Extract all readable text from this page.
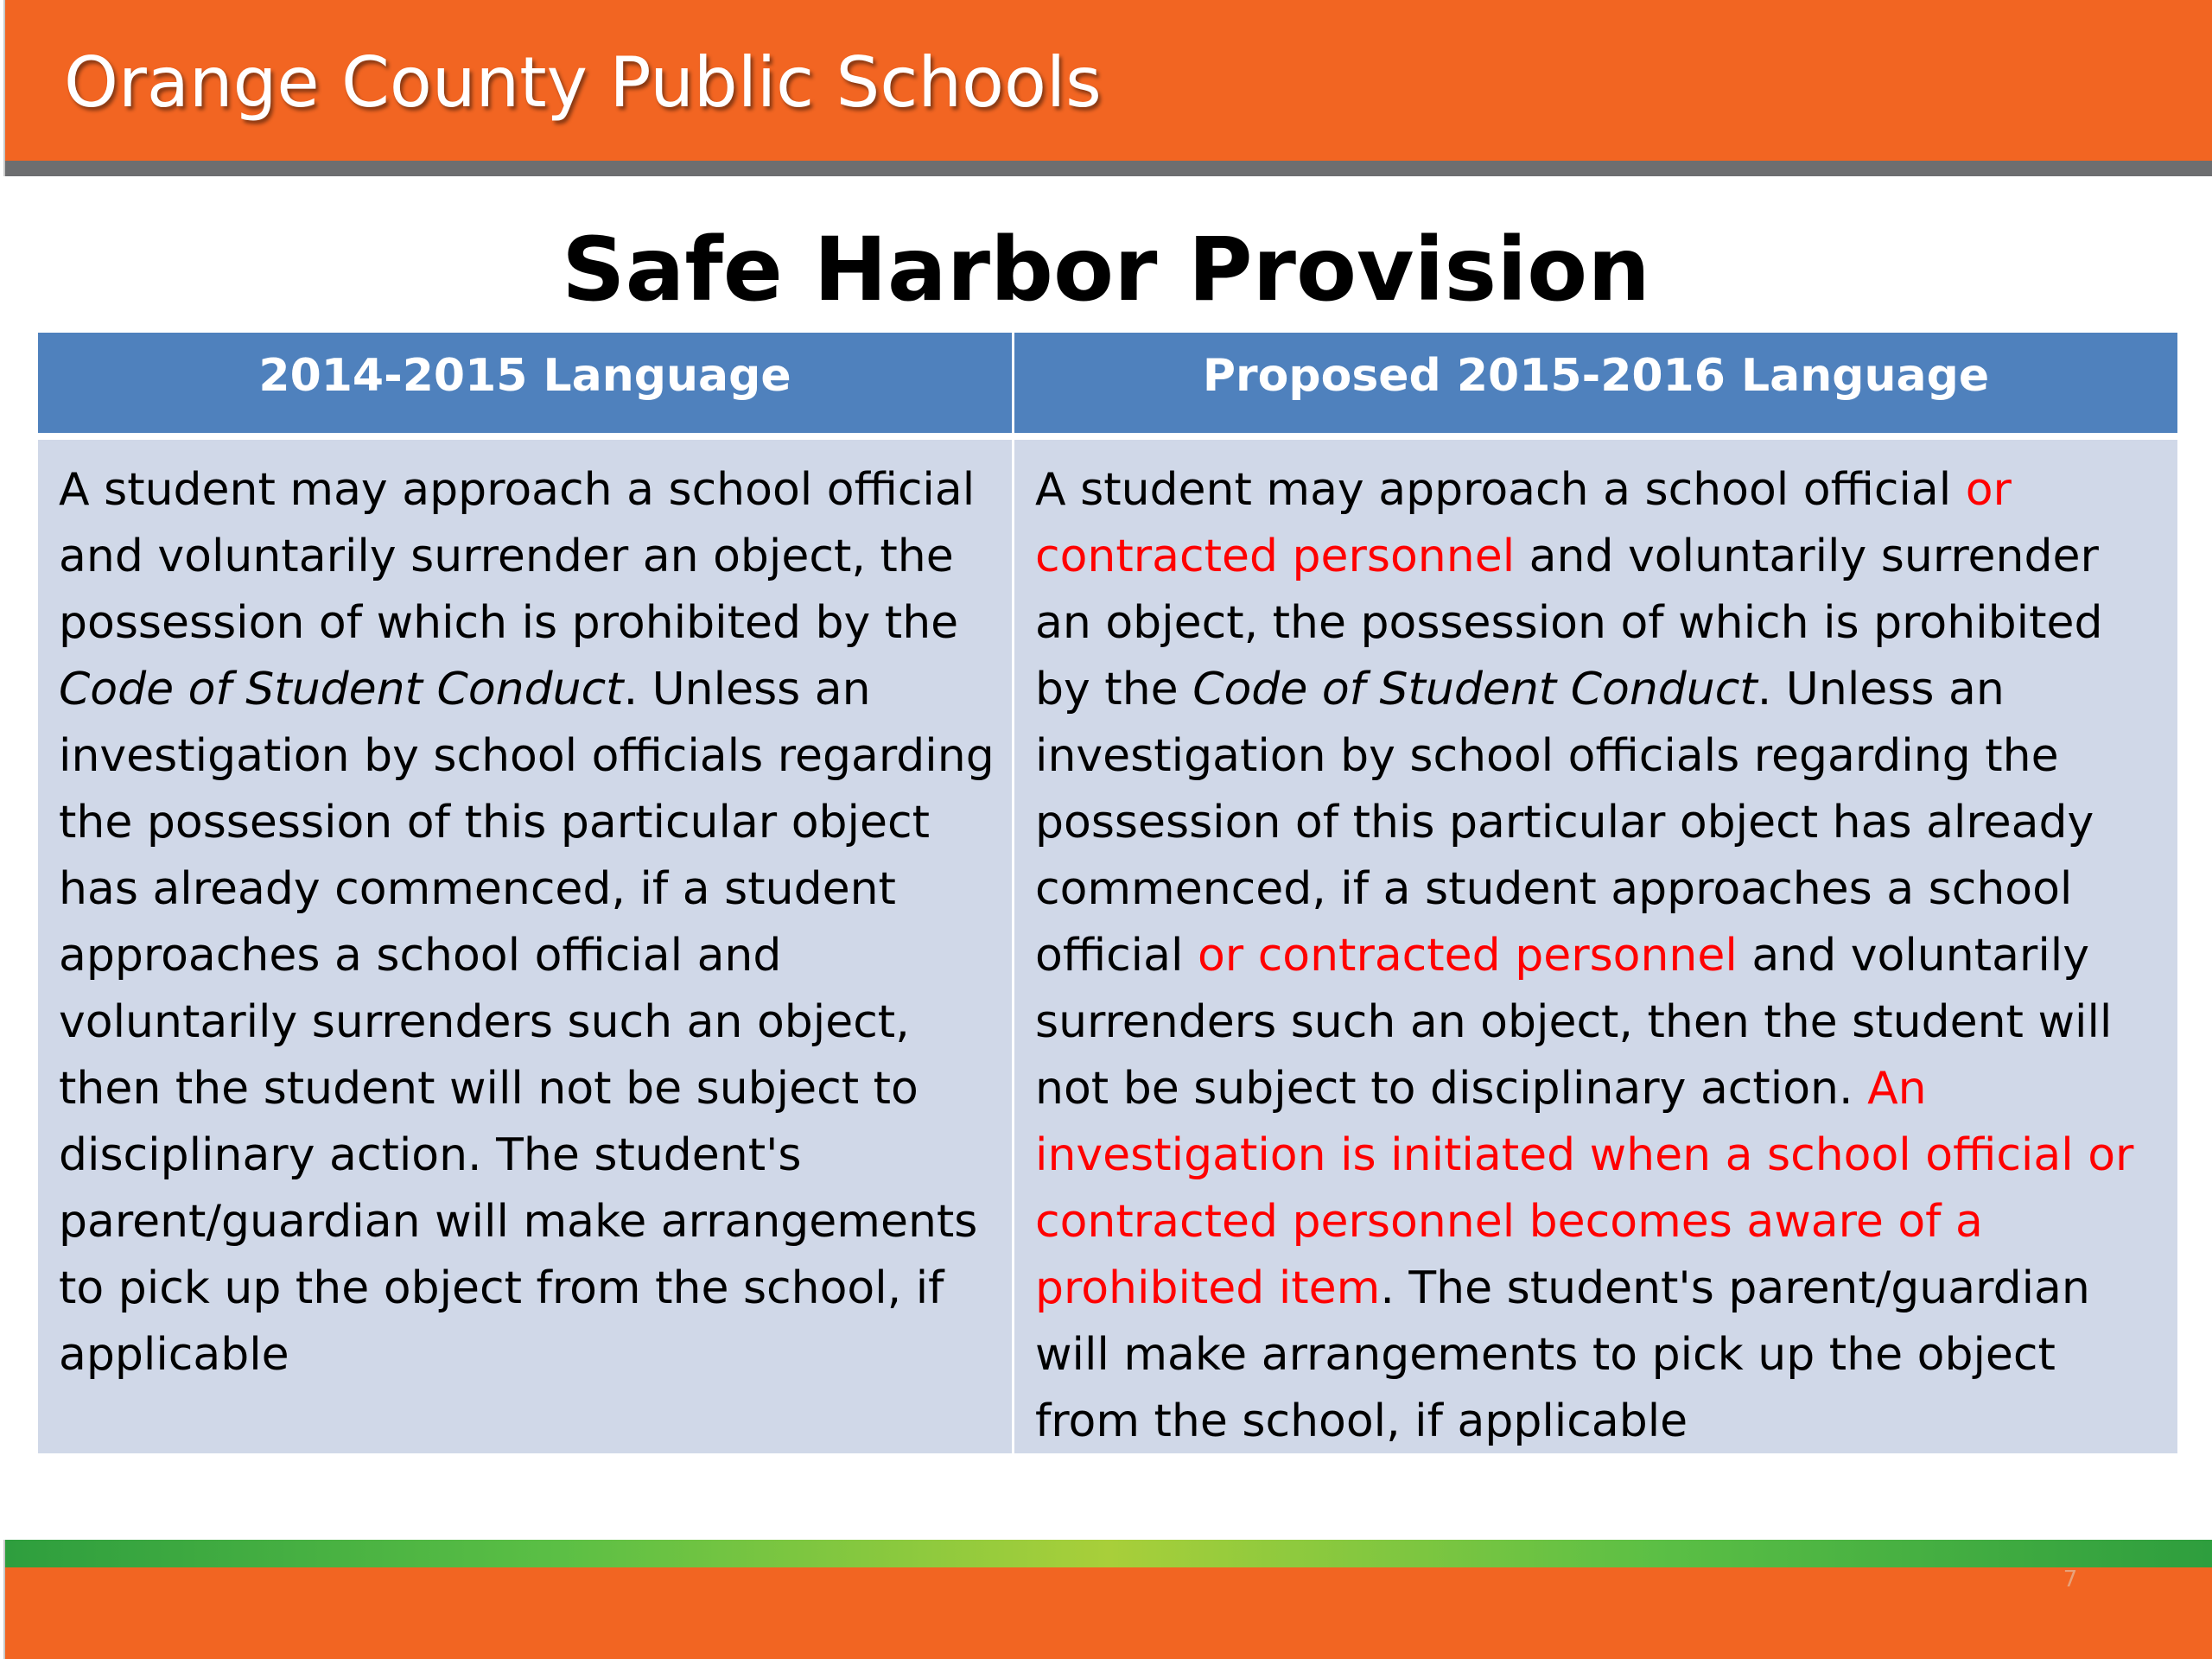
Orange County Public Schools
Safe Harbor Provision
2014-2015 Language	Proposed 2015-2016 Language
A student may approach a school official
and voluntarily surrender an object, the
possession of which is prohibited by the
Code of Student Conduct. Unless an
investigation by school officials regarding
the possession of this particular object
has already commenced, if a student
approaches a school official and
voluntarily surrenders such an object,
then the student will not be subject to
disciplinary action. The student's
parent/guardian will make arrangements
to pick up the object from the school, if
applicable
A student may approach a school official or
contracted personnel and voluntarily surrender
an object, the possession of which is prohibited
by the Code of Student Conduct. Unless an
investigation by school officials regarding the
possession of this particular object has already
commenced, if a student approaches a school
official or contracted personnel and voluntarily
surrenders such an object, then the student will
not be subject to disciplinary action. An
investigation is initiated when a school official or
contracted personnel becomes aware of a
prohibited item. The student's parent/guardian
will make arrangements to pick up the object
from the school, if applicable
7
